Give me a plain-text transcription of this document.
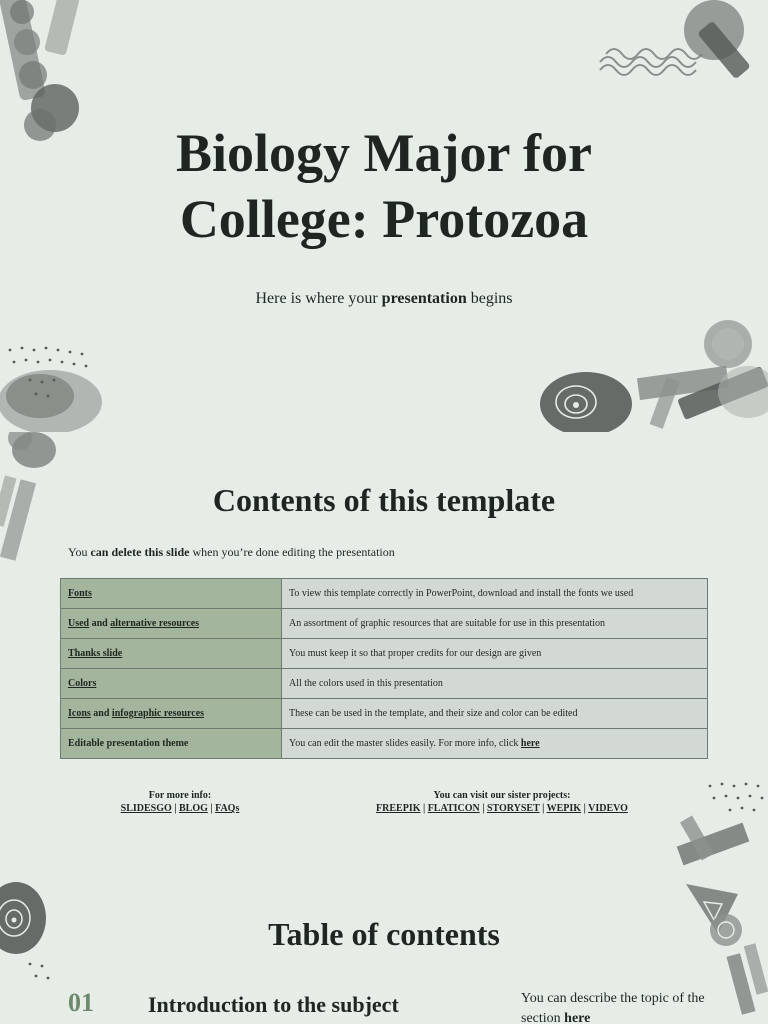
Biology Major for
College: Protozoa
Here is where your presentation begins
Contents of this template
You can delete this slide when you’re done editing the presentation
Fonts	To view this template correctly in PowerPoint, download and install the fonts we used
Used and alternative resources	An assortment of graphic resources that are suitable for use in this presentation
Thanks slide	You must keep it so that proper credits for our design are given
Colors	All the colors used in this presentation
Icons and infographic resources	These can be used in the template, and their size and color can be edited
Editable presentation theme	You can edit the master slides easily. For more info, click here
For more info:
SLIDESGO | BLOG | FAQs
You can visit our sister projects:
FREEPIK | FLATICON | STORYSET | WEPIK | VIDEVO
Table of contents
01 Introduction to the subject	You can describe the topic of the section here
